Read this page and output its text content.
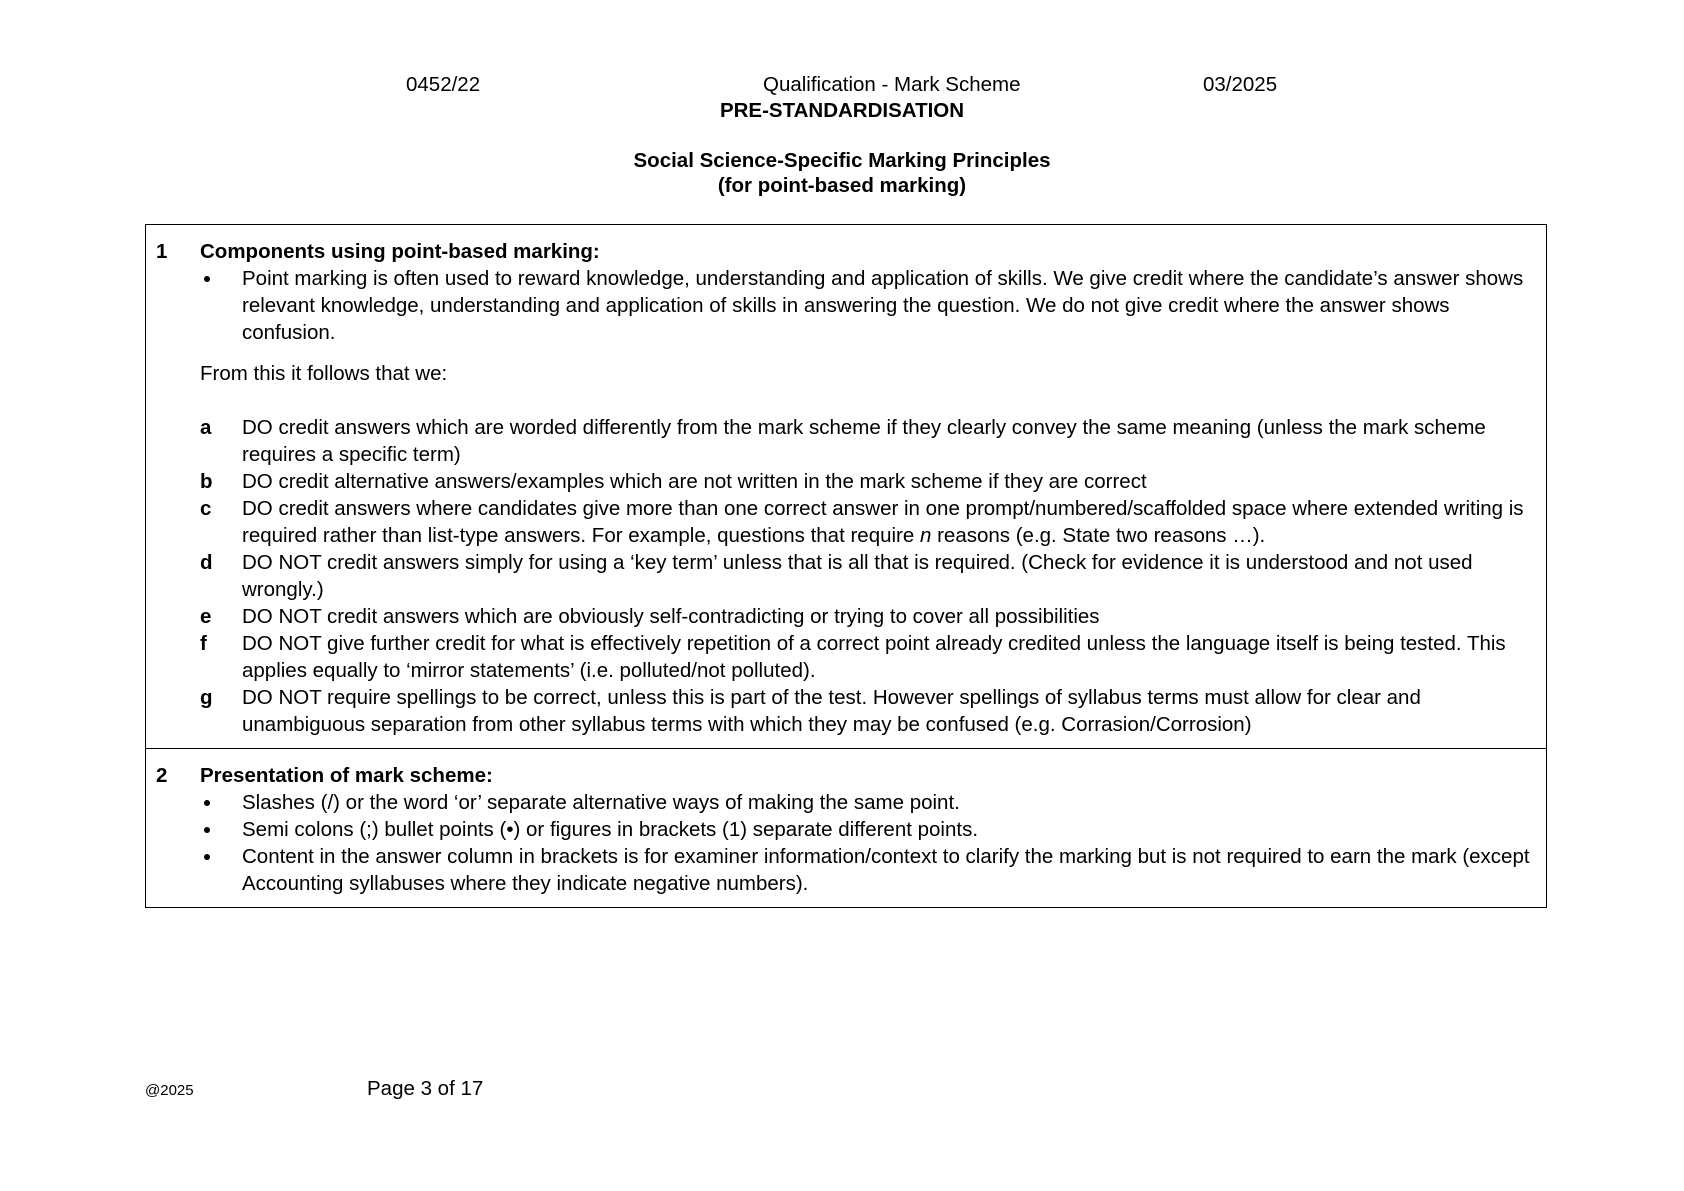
0452/22	Qualification - Mark Scheme	03/2025
PRE-STANDARDISATION
Social Science-Specific Marking Principles
(for point-based marking)
1 Components using point-based marking:
Point marking is often used to reward knowledge, understanding and application of skills. We give credit where the candidate’s answer shows relevant knowledge, understanding and application of skills in answering the question. We do not give credit where the answer shows confusion.
From this it follows that we:
a DO credit answers which are worded differently from the mark scheme if they clearly convey the same meaning (unless the mark scheme requires a specific term)
b DO credit alternative answers/examples which are not written in the mark scheme if they are correct
c DO credit answers where candidates give more than one correct answer in one prompt/numbered/scaffolded space where extended writing is required rather than list-type answers. For example, questions that require n reasons (e.g. State two reasons …).
d DO NOT credit answers simply for using a ‘key term’ unless that is all that is required. (Check for evidence it is understood and not used wrongly.)
e DO NOT credit answers which are obviously self-contradicting or trying to cover all possibilities
f DO NOT give further credit for what is effectively repetition of a correct point already credited unless the language itself is being tested. This applies equally to ‘mirror statements’ (i.e. polluted/not polluted).
g DO NOT require spellings to be correct, unless this is part of the test. However spellings of syllabus terms must allow for clear and unambiguous separation from other syllabus terms with which they may be confused (e.g. Corrasion/Corrosion)
2 Presentation of mark scheme:
Slashes (/) or the word ‘or’ separate alternative ways of making the same point.
Semi colons (;) bullet points (•) or figures in brackets (1) separate different points.
Content in the answer column in brackets is for examiner information/context to clarify the marking but is not required to earn the mark (except Accounting syllabuses where they indicate negative numbers).
@2025	Page 3 of 17
